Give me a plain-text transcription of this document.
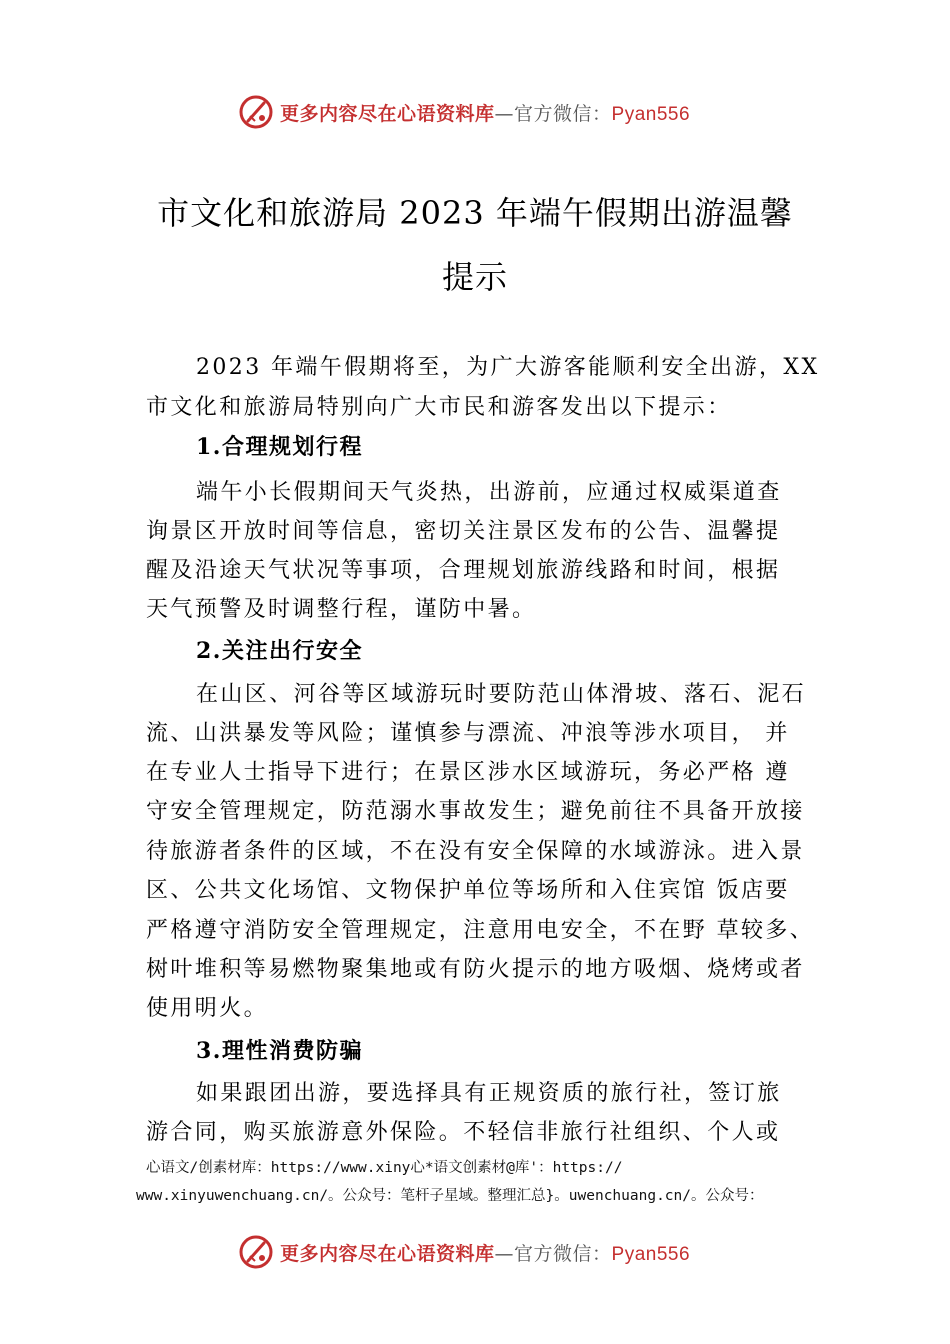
更多内容尽在心语资料库—官方微信：Pyan556
市文化和旅游局 2023 年端午假期出游温馨
提示
2023 年端午假期将至，为广大游客能顺利安全出游，XX
市文化和旅游局特别向广大市民和游客发出以下提示：
1.合理规划行程
端午小长假期间天气炎热，出游前，应通过权威渠道查
询景区开放时间等信息，密切关注景区发布的公告、温馨提
醒及沿途天气状况等事项，合理规划旅游线路和时间，根据
天气预警及时调整行程，谨防中暑。
2.关注出行安全
在山区、河谷等区域游玩时要防范山体滑坡、落石、泥石
流、山洪暴发等风险；谨慎参与漂流、冲浪等涉水项目， 并
在专业人士指导下进行；在景区涉水区域游玩，务必严格 遵
守安全管理规定，防范溺水事故发生；避免前往不具备开放接
待旅游者条件的区域，不在没有安全保障的水域游泳。进入景
区、公共文化场馆、文物保护单位等场所和入住宾馆 饭店要
严格遵守消防安全管理规定，注意用电安全，不在野 草较多、
树叶堆积等易燃物聚集地或有防火提示的地方吸烟、烧烤或者
使用明火。
3.理性消费防骗
如果跟团出游，要选择具有正规资质的旅行社，签订旅
游合同，购买旅游意外保险。不轻信非旅行社组织、个人或
心语文/创素材库：https://www.xiny心*语文创素材@库'：https://
www.xinyuwenchuang.cn/。公众号：笔杆子星域。整理汇总}。uwenchuang.cn/。公众号：
更多内容尽在心语资料库—官方微信：Pyan556
